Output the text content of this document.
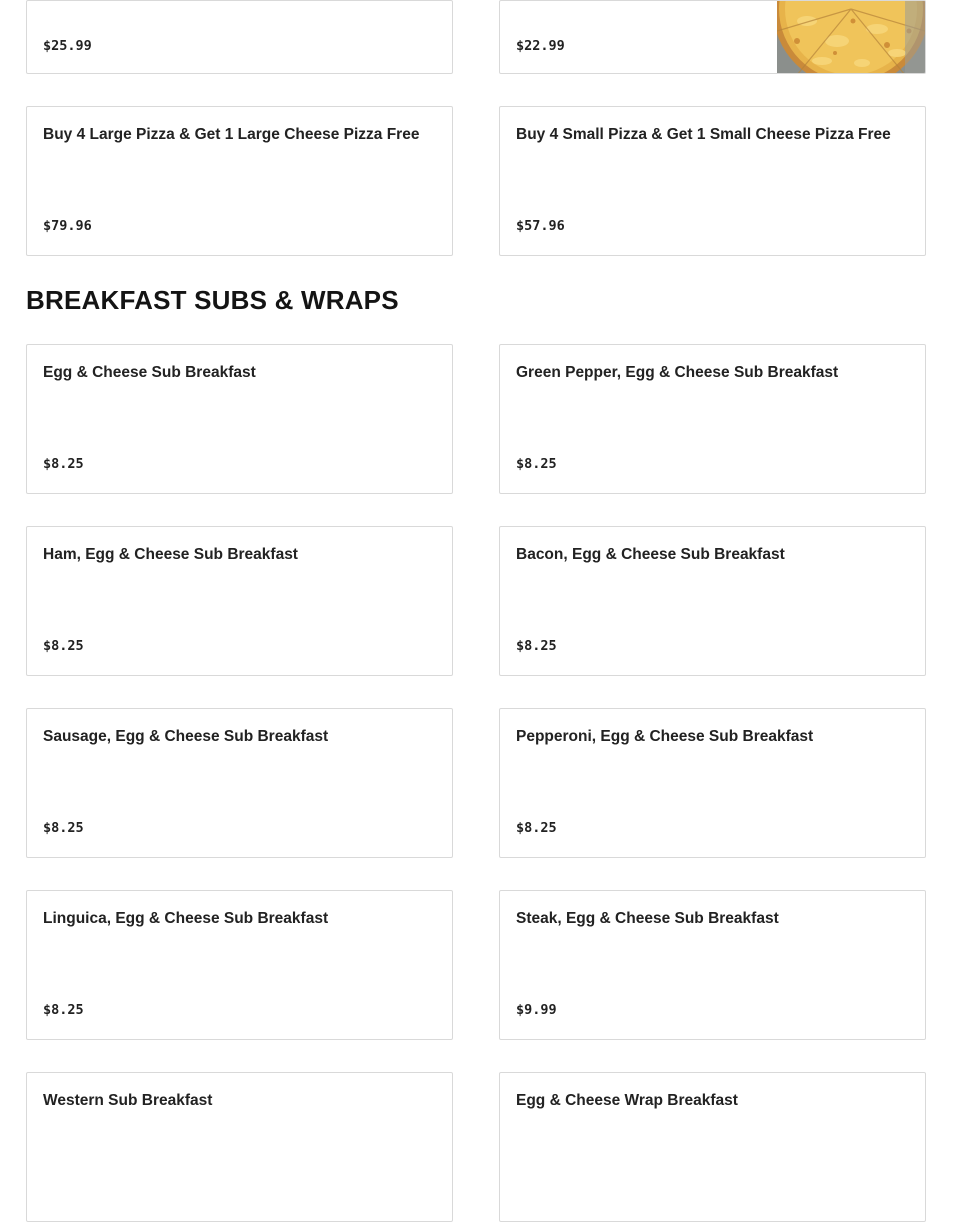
$25.99	$22.99
Buy 4 Large Pizza & Get 1 Large Cheese Pizza Free
$79.96
Buy 4 Small Pizza & Get 1 Small Cheese Pizza Free
$57.96
BREAKFAST SUBS & WRAPS
Egg & Cheese Sub Breakfast
$8.25
Green Pepper, Egg & Cheese Sub Breakfast
$8.25
Ham, Egg & Cheese Sub Breakfast
$8.25
Bacon, Egg & Cheese Sub Breakfast
$8.25
Sausage, Egg & Cheese Sub Breakfast
$8.25
Pepperoni, Egg & Cheese Sub Breakfast
$8.25
Linguica, Egg & Cheese Sub Breakfast
$8.25
Steak, Egg & Cheese Sub Breakfast
$9.99
Western Sub Breakfast	Egg & Cheese Wrap Breakfast
